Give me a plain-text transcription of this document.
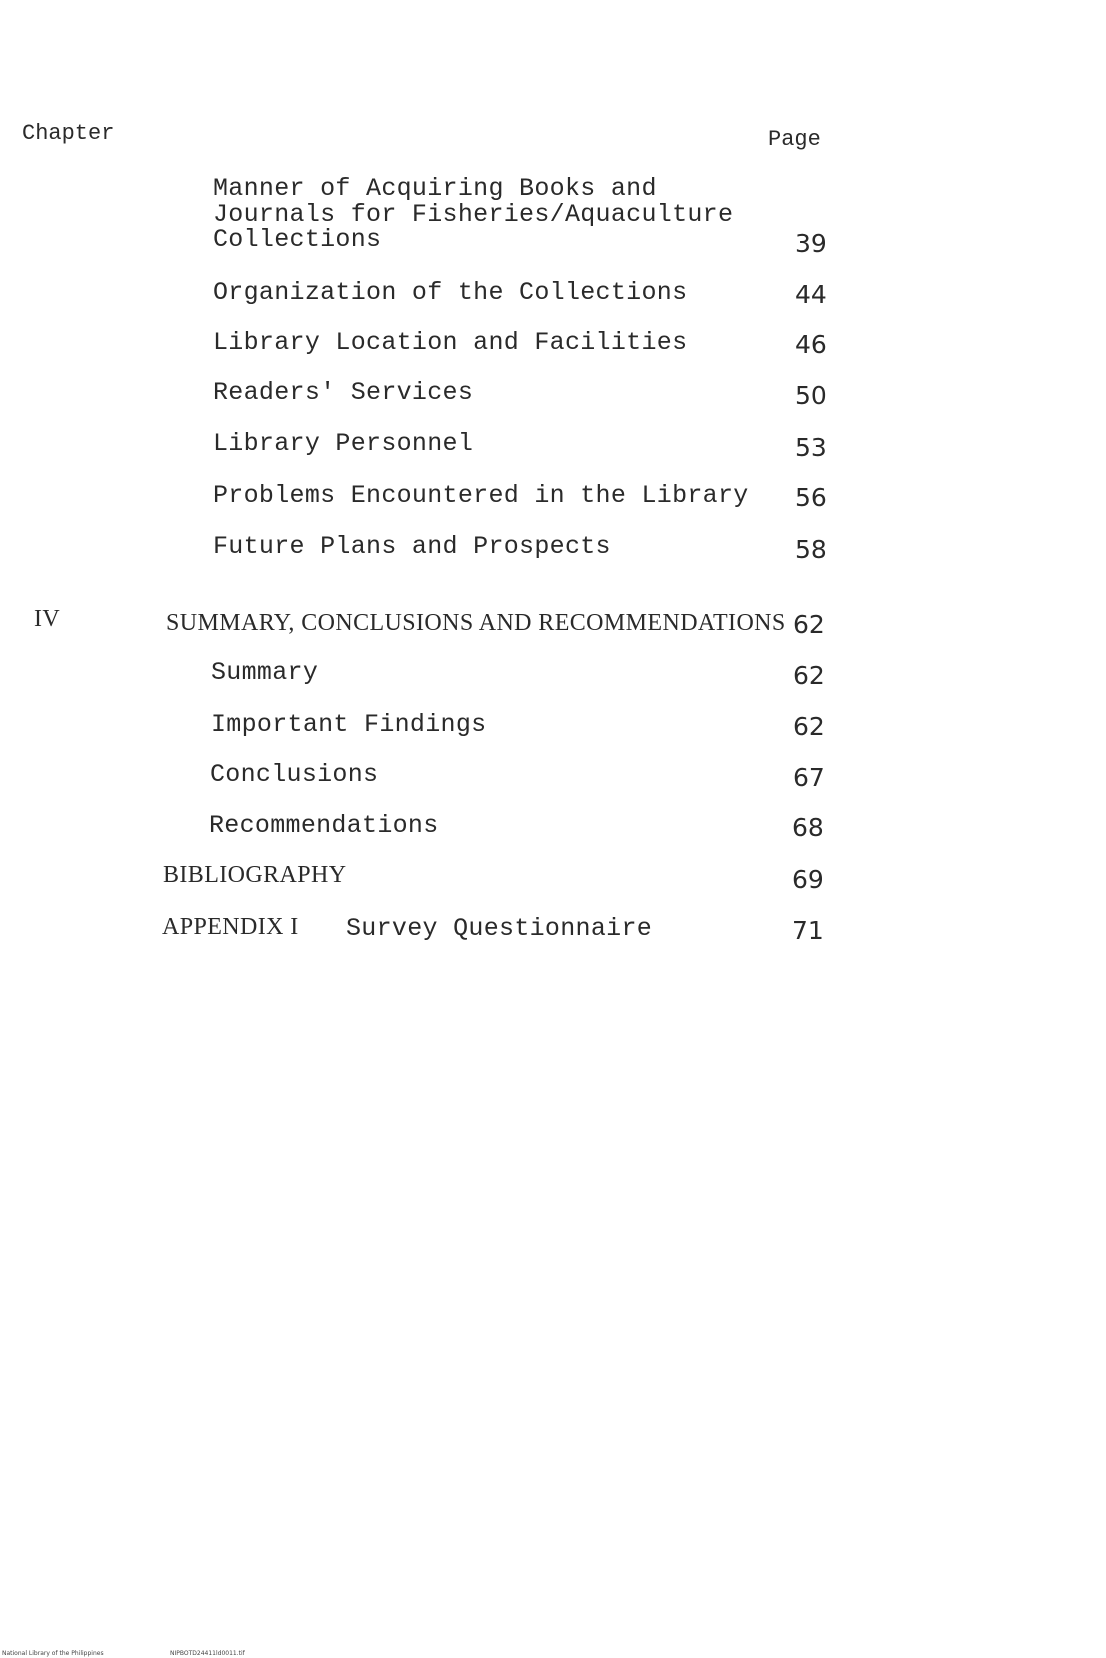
Chapter	Page
Manner of Acquiring Books and
Journals for Fisheries/Aquaculture
Collections	39
Organization of the Collections	44
Library Location and Facilities	46
Readers' Services	50
Library Personnel	53
Problems Encountered in the Library 56
Future Plans and Prospects	58
IV	SUMMARY, CONCLUSIONS AND RECOMMENDATIONS 62
Summary	62
Important Findings	62
Conclusions	67
Recommendations	68
BIBLIOGRAPHY	69
APPENDIX I Survey Questionnaire	71
National Library of the Philippines	NIPBOTD24411ld0011.tif
